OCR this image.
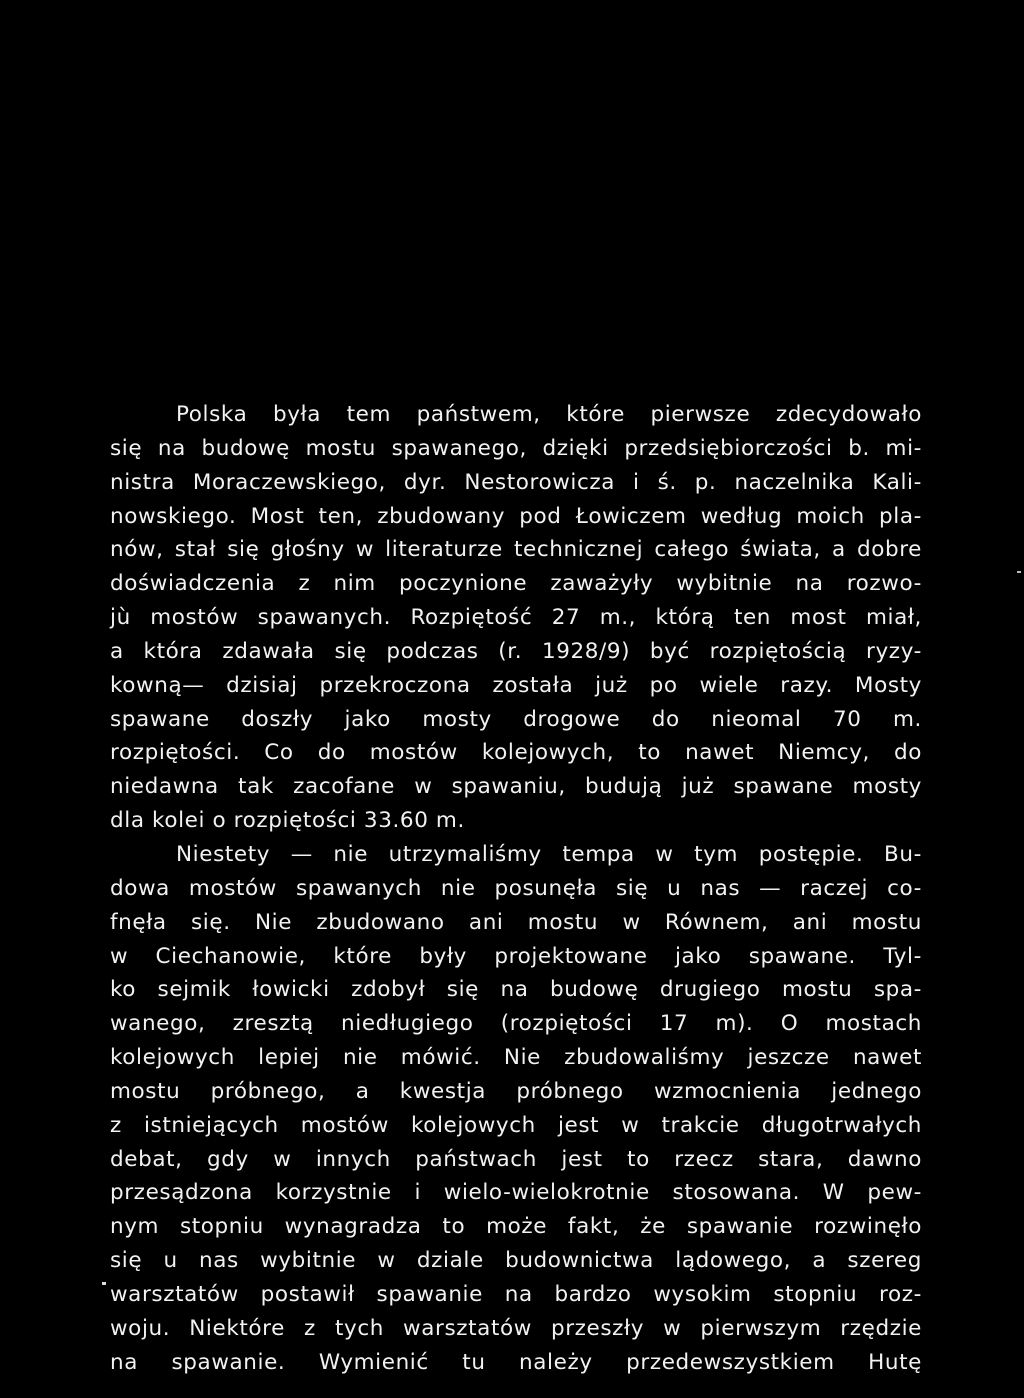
Polska była tem państwem, które pierwsze zdecydowało
się na budowę mostu spawanego, dzięki przedsiębiorczości b. mi-
nistra Moraczewskiego, dyr. Nestorowicza i ś. p. naczelnika Kali-
nowskiego. Most ten, zbudowany pod Łowiczem według moich pla-
nów, stał się głośny w literaturze technicznej całego świata, a dobre
doświadczenia z nim poczynione zaważyły wybitnie na rozwo-
jù mostów spawanych. Rozpiętość 27 m., którą ten most miał,
a która zdawała się podczas (r. 1928/9) być rozpiętością ryzy-
kowną— dzisiaj przekroczona została już po wiele razy. Mosty
spawane doszły jako mosty drogowe do nieomal 70 m.
rozpiętości. Co do mostów kolejowych, to nawet Niemcy, do
niedawna tak zacofane w spawaniu, budują już spawane mosty
dla kolei o rozpiętości 33.60 m.
Niestety — nie utrzymaliśmy tempa w tym postępie. Bu-
dowa mostów spawanych nie posunęła się u nas — raczej co-
fnęła się. Nie zbudowano ani mostu w Równem, ani mostu
w Ciechanowie, które były projektowane jako spawane. Tyl-
ko sejmik łowicki zdobył się na budowę drugiego mostu spa-
wanego, zresztą niedługiego (rozpiętości 17 m). O mostach
kolejowych lepiej nie mówić. Nie zbudowaliśmy jeszcze nawet
mostu próbnego, a kwestja próbnego wzmocnienia jednego
z istniejących mostów kolejowych jest w trakcie długotrwałych
debat, gdy w innych państwach jest to rzecz stara, dawno
przesądzona korzystnie i wielo-wielokrotnie stosowana. W pew-
nym stopniu wynagradza to może fakt, że spawanie rozwinęło
się u nas wybitnie w dziale budownictwa lądowego, a szereg
warsztatów postawił spawanie na bardzo wysokim stopniu roz-
woju. Niektóre z tych warsztatów przeszły w pierwszym rzędzie
na spawanie. Wymienić tu należy przedewszystkiem Hutę
